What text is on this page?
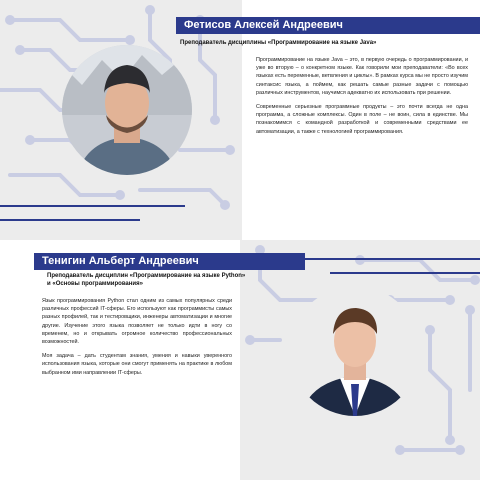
Фетисов Алексей Андреевич
Преподаватель дисциплины «Программирование на языке Java»

Программирование на языке Java – это, в первую очередь о программировании, и уже во вторую – о конкретном языке. Как говорили мои преподаватели: «Во всех языках есть переменные, ветвления и циклы». В рамках курса мы не просто изучим синтаксис языка, а поймем, как решать самые разные задачи с помощью различных инструментов, научимся адекватно их использовать при решении.

Современные серьезные программные продукты – это почти всегда не одна программа, а сложные комплексы. Один в поле – не воин, сила в единстве. Мы познакомимся с командной разработкой и современными средствами ее автоматизации, а также с технологией программирования.

Тенигин Альберт Андреевич
Преподаватель дисциплин «Программирование на языке Python»
и «Основы программирования»

Язык программирования Python стал одним из самых популярных среди различных профессий IT-сферы. Его используют как программисты самых разных профилей, так и тестировщики, инженеры автоматизации и многие другие. Изучение этого языка позволяет не только идти в ногу со временем, но и открывать огромное количество профессиональных возможностей.

Моя задача – дать студентам знания, умения и навыки уверенного использования языка, которые они смогут применять на практике в любом выбранном ими направлении IT-сферы.
